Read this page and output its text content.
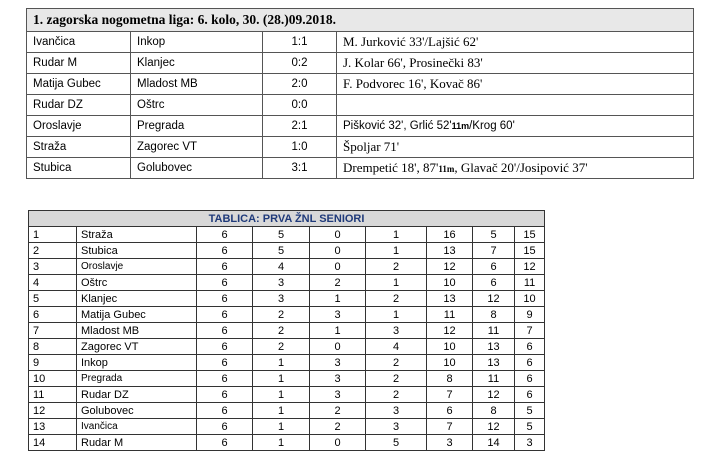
1. zagorska nogometna liga: 6. kolo, 30. (28.)09.2018.			
Ivančica	Inkop	1:1	M. Jurković 33'/Lajšić 62'
Rudar M	Klanjec	0:2	J. Kolar 66', Prosinečki 83'
Matija Gubec	Mladost MB	2:0	F. Podvorec 16', Kovač 86'
Rudar DZ	Oštrc	0:0	
Oroslavje	Pregrada	2:1	Pišković 32', Grlić 52'11m/Krog 60'
Straža	Zagorec VT	1:0	Špoljar 71'
Stubica	Golubovec	3:1	Drempetić 18', 87'11m, Glavač 20'/Josipović 37'
TABLICA: PRVA ŽNL SENIORI								
1	Straža	6	5	0	1	16	5	15
2	Stubica	6	5	0	1	13	7	15
3	Oroslavje	6	4	0	2	12	6	12
4	Oštrc	6	3	2	1	10	6	11
5	Klanjec	6	3	1	2	13	12	10
6	Matija Gubec	6	2	3	1	11	8	9
7	Mladost MB	6	2	1	3	12	11	7
8	Zagorec VT	6	2	0	4	10	13	6
9	Inkop	6	1	3	2	10	13	6
10	Pregrada	6	1	3	2	8	11	6
11	Rudar DZ	6	1	3	2	7	12	6
12	Golubovec	6	1	2	3	6	8	5
13	Ivančica	6	1	2	3	7	12	5
14	Rudar M	6	1	0	5	3	14	3
